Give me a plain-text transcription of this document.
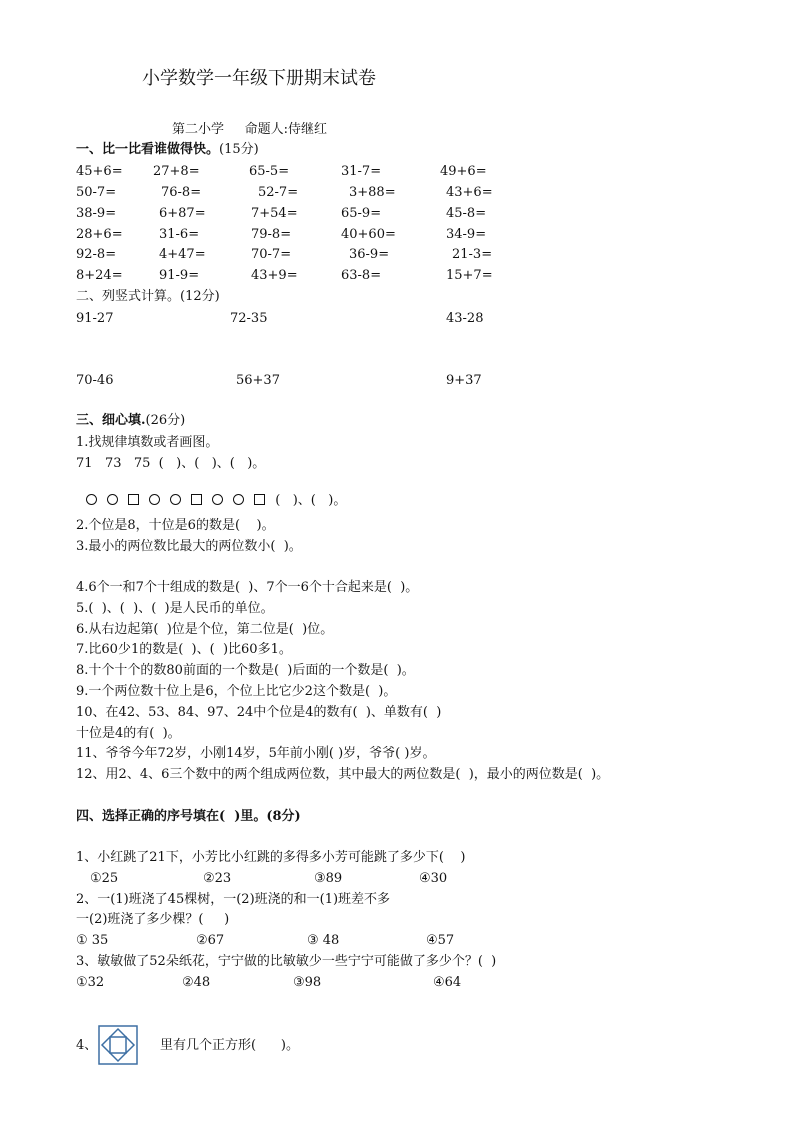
小学数学一年级下册期末试卷
第二小学     命题人:侍继红
一、比一比看谁做得快。(15分)
45+6= 27+8=	65-5=	31-7=	49+6=
50-7=	76-8=	52-7=	3+88=	43+6=
38-9=	6+87=	7+54=	65-9=	45-8=
28+6=	31-6=	79-8=	40+60=	34-9=
92-8=	4+47=	70-7=	36-9=	21-3=
8+24=	91-9=	43+9=	63-8=	15+7=
二、列竖式计算。(12分)
91-27	72-35	43-28
70-46	56+37	9+37
三、细心填.(26分)
1.找规律填数或者画图。
71   73   75  (   )、(   )、(   )。

(   )、(   )。

2.个位是8，十位是6的数是(    )。
3.最小的两位数比最大的两位数小(  )。
4.6个一和7个十组成的数是(  )、7个一6个十合起来是(  )。
5.(  )、(  )、(  )是人民币的单位。
6.从右边起第(  )位是个位，第二位是(  )位。
7.比60少1的数是(  )、(  )比60多1。
8.十个十个的数80前面的一个数是(  )后面的一个数是(  )。
9.一个两位数十位上是6，个位上比它少2这个数是(  )。
10、在42、53、84、97、24中个位是4的数有(  )、单数有(  )
十位是4的有(  )。
11、爷爷今年72岁，小刚14岁，5年前小刚( )岁，爷爷( )岁。
12、用2、4、6三个数中的两个组成两位数，其中最大的两位数是(  )，最小的两位数是(  )。
四、选择正确的序号填在(  )里。(8分)
1、小红跳了21下，小芳比小红跳的多得多小芳可能跳了多少下(    )
①25	②23	③89	④30
2、一(1)班浇了45棵树，一(2)班浇的和一(1)班差不多
一(2)班浇了多少棵？(     )
① 35	②67	③ 48	④57
3、敏敏做了52朵纸花，宁宁做的比敏敏少一些宁宁可能做了多少个？(  )
①32	②48	③98	④64
4、	里有几个正方形(      )。
